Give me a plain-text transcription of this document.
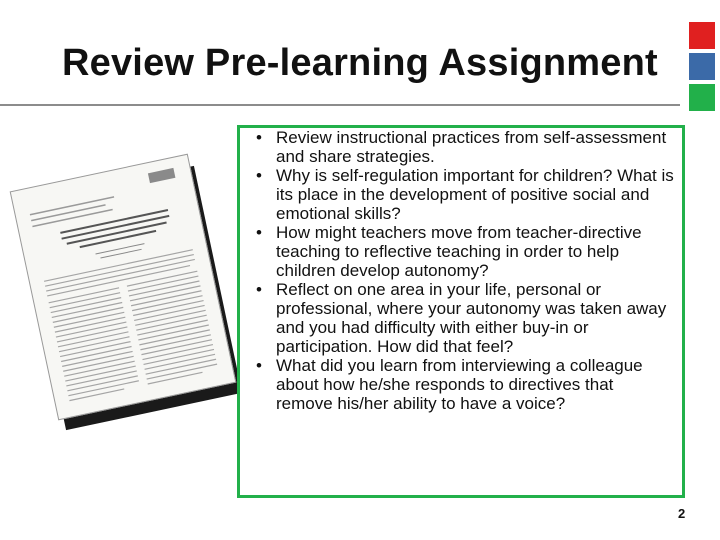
Review Pre-learning Assignment
• Review instructional practices from self-assessment and share strategies.
• Why is self-regulation important for children? What is its place in the development of positive social and emotional skills?
• How might teachers move from teacher-directive teaching to reflective teaching in order to help children develop autonomy?
• Reflect on one area in your life, personal or professional, where your autonomy was taken away and you had difficulty with either buy-in or participation. How did that feel?
• What did you learn from interviewing a colleague about how he/she responds to directives that remove his/her ability to have a voice?
2
